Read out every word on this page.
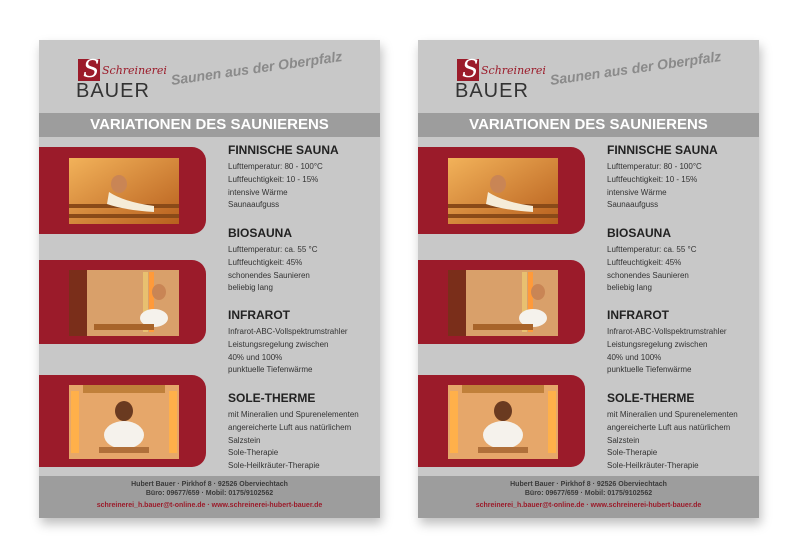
S Schreinerei
BAUER
Saunen aus der Oberpfalz
VARIATIONEN DES SAUNIERENS
FINNISCHE SAUNA
Lufttemperatur: 80 - 100°C
Luftfeuchtigkeit: 10 - 15%
intensive Wärme
Saunaaufguss
BIOSAUNA
Lufttemperatur: ca. 55 °C
Luftfeuchtigkeit: 45%
schonendes Saunieren
beliebig lang
INFRAROT
Infrarot-ABC-Vollspektrumstrahler
Leistungsregelung zwischen
40% und 100%
punktuelle Tiefenwärme
SOLE-THERME
mit Mineralien und Spurenelementen
angereicherte Luft aus natürlichem
Salzstein
Sole-Therapie
Sole-Heilkräuter-Therapie
Hubert Bauer · Pirkhof 8 · 92526 Oberviechtach
Büro: 09677/659 · Mobil: 0175/9102562
schreinerei_h.bauer@t-online.de · www.schreinerei-hubert-bauer.de
S Schreinerei
BAUER
Saunen aus der Oberpfalz
VARIATIONEN DES SAUNIERENS
FINNISCHE SAUNA
Lufttemperatur: 80 - 100°C
Luftfeuchtigkeit: 10 - 15%
intensive Wärme
Saunaaufguss
BIOSAUNA
Lufttemperatur: ca. 55 °C
Luftfeuchtigkeit: 45%
schonendes Saunieren
beliebig lang
INFRAROT
Infrarot-ABC-Vollspektrumstrahler
Leistungsregelung zwischen
40% und 100%
punktuelle Tiefenwärme
SOLE-THERME
mit Mineralien und Spurenelementen
angereicherte Luft aus natürlichem
Salzstein
Sole-Therapie
Sole-Heilkräuter-Therapie
Hubert Bauer · Pirkhof 8 · 92526 Oberviechtach
Büro: 09677/659 · Mobil: 0175/9102562
schreinerei_h.bauer@t-online.de · www.schreinerei-hubert-bauer.de
